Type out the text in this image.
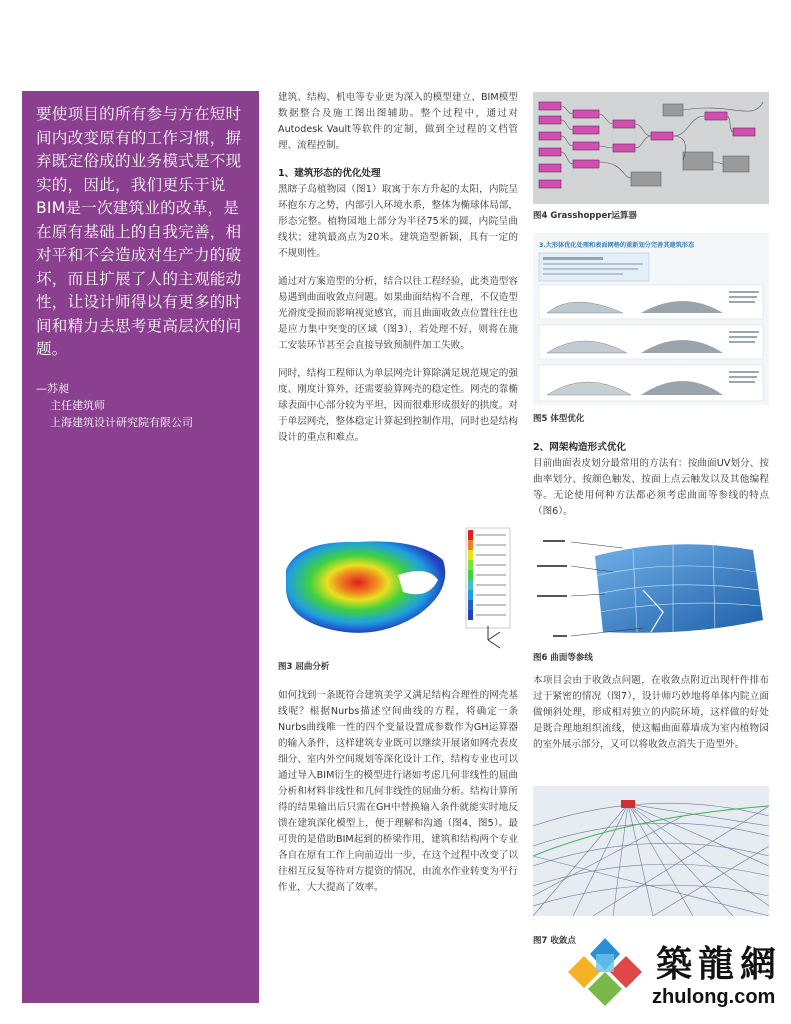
要使项目的所有参与方在短时间内改变原有的工作习惯，摒弃既定俗成的业务模式是不现实的，因此，我们更乐于说BIM是一次建筑业的改革，是在原有基础上的自我完善，相对平和不会造成对生产力的破坏，而且扩展了人的主观能动性，让设计师得以有更多的时间和精力去思考更高层次的问题。

—苏昶
主任建筑师
上海建筑设计研究院有限公司

建筑、结构、机电等专业更为深入的模型建立、BIM模型数据整合及施工图出图辅助。整个过程中，通过对Autodesk Vault等软件的定制，做到全过程的文档管理、流程控制。

1、建筑形态的优化处理

黑瞎子岛植物园（图1）取寓于东方升起的太阳，内院呈环抱东方之势，内部引入环境水系，整体为椭球体局部，形态完整。植物园地上部分为半径75米的圆，内院呈曲线状；建筑最高点为20米。建筑造型新颖，具有一定的不规则性。

通过对方案造型的分析，结合以往工程经验，此类造型容易遇到曲面收敛点问题。如果曲面结构不合理，不仅造型光滑度受损而影响视觉感官，而且曲面收敛点位置往往也是应力集中突变的区域（图3），若处理不好，则将在施工安装环节甚至会直接导致预制件加工失败。

同时，结构工程师认为单层网壳计算除满足规范规定的强度、刚度计算外，还需要验算网壳的稳定性。网壳的靠椭球表面中心部分较为平坦，因而很难形成很好的拱度。对于单层网壳，整体稳定计算起到控制作用，同时也是结构设计的重点和难点。

图3 屈曲分析

如何找到一条既符合建筑美学又满足结构合理性的网壳基线呢？根据Nurbs描述空间曲线的方程，将确定一条Nurbs曲线唯一性的四个变量设置成参数作为GH运算器的输入条件，这样建筑专业既可以继续开展诸如网壳表皮细分、室内外空间规划等深化设计工作，结构专业也可以通过导入BIM衍生的模型进行诸如考虑几何非线性的屈曲分析和材料非线性和几何非线性的屈曲分析。结构计算所得的结果输出后只需在GH中替换输入条件就能实时地反馈在建筑深化模型上，便于理解和沟通（图4、图5）。最可贵的是借助BIM起到的桥梁作用，建筑和结构两个专业各自在原有工作上向前迈出一步，在这个过程中改变了以往相互反复等待对方提资的情况，由流水作业转变为平行作业，大大提高了效率。

图4 Grasshopper运算器
3.大形体优化处理和表面网格的重新划分完善其建筑形态
图5 体型优化
2、网架构造形式优化

目前曲面表皮划分最常用的方法有：按曲面UV划分、按曲率划分、按颜色触发、按面上点云触发以及其他编程等。无论使用何种方法都必须考虑曲面等参线的特点（图6）。

图6 曲面等参线

本项目会由于收敛点问题，在收敛点附近出现杆件排布过于紧密的情况（图7），设计师巧妙地将单体内院立面做倾斜处理，形成相对独立的内院环境，这样做的好处是既合理地组织流线，使这幅曲面幕墙成为室内植物园的室外展示部分，又可以将收敛点消失于造型外。

图7 收敛点
築龍網
zhulong.com
